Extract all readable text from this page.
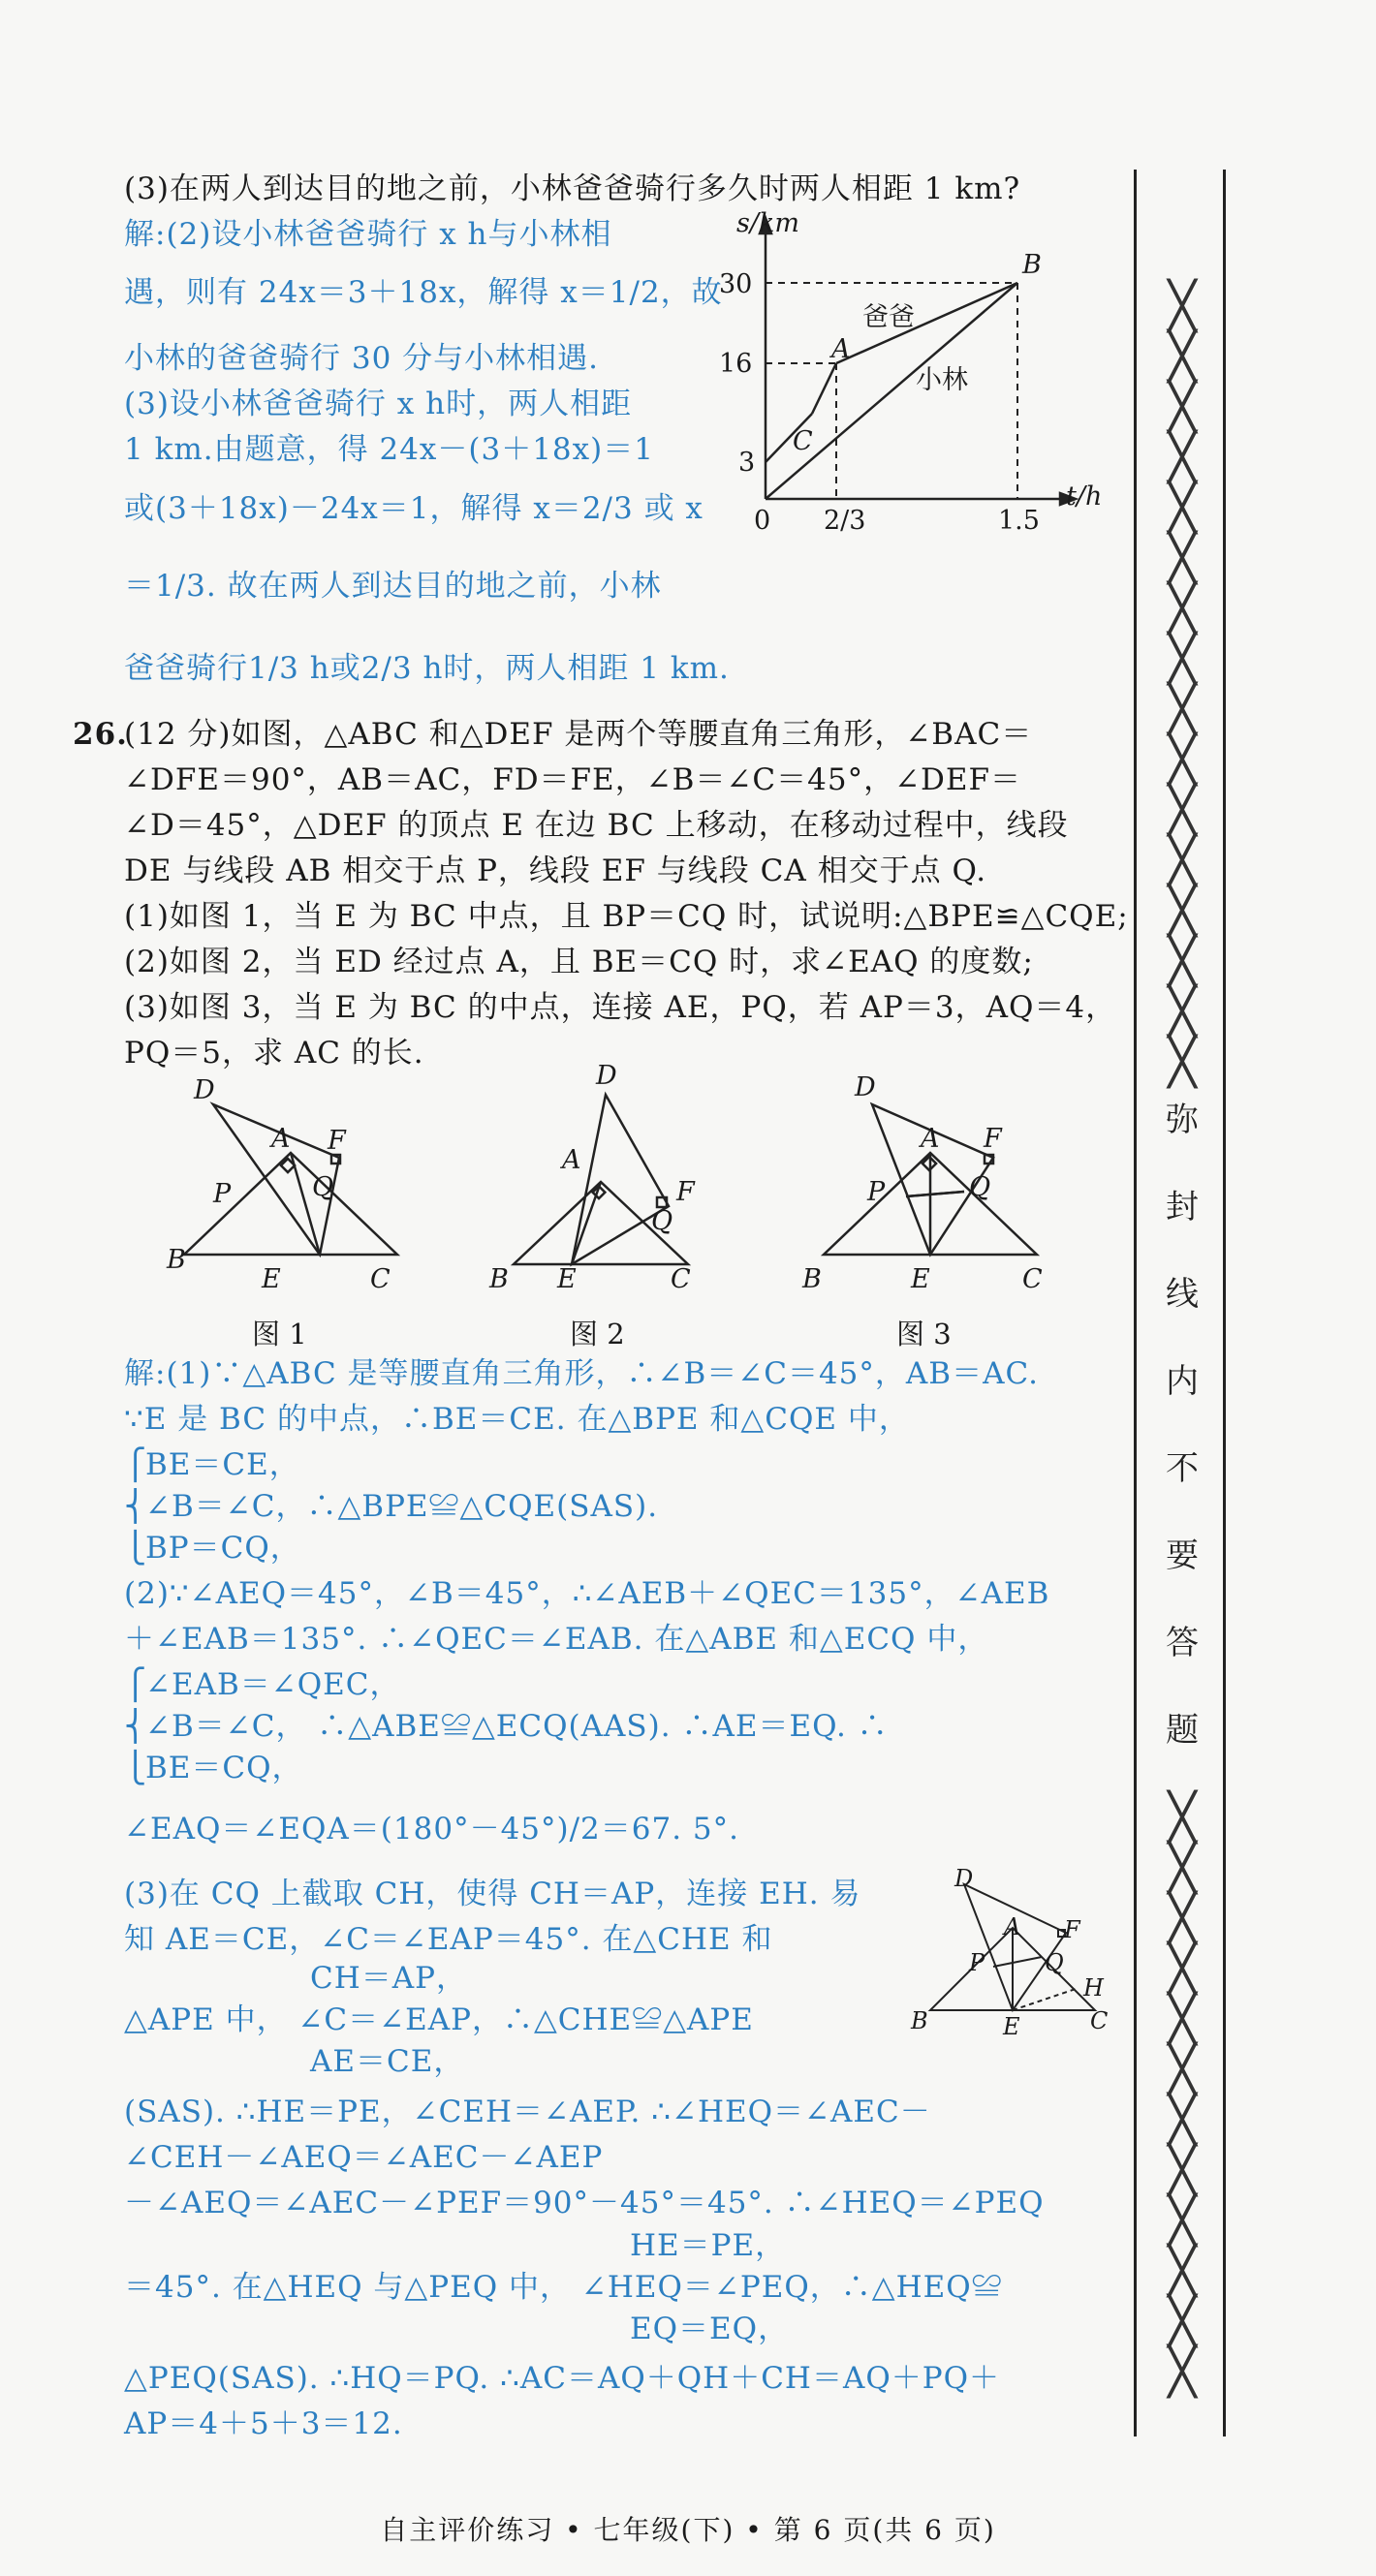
(3)在两人到达目的地之前，小林爸爸骑行多久时两人相距 1 km?
解:(2)设小林爸爸骑行 x h与小林相
遇，则有 24x＝3＋18x，解得 x＝1/2，故
小林的爸爸骑行 30 分与小林相遇.
(3)设小林爸爸骑行 x h时，两人相距
1 km.由题意，得 24x－(3＋18x)＝1
或(3＋18x)－24x＝1，解得 x＝2/3 或 x
＝1/3. 故在两人到达目的地之前，小林
爸爸骑行1/3 h或2/3 h时，两人相距 1 km.
s/km
30
16
3
0 2/3	1.5
t/h
A
B
C
爸爸
小林
26.
(12 分)如图，△ABC 和△DEF 是两个等腰直角三角形，∠BAC＝
∠DFE＝90°，AB＝AC，FD＝FE，∠B＝∠C＝45°，∠DEF＝
∠D＝45°，△DEF 的顶点 E 在边 BC 上移动，在移动过程中，线段
DE 与线段 AB 相交于点 P，线段 EF 与线段 CA 相交于点 Q.
(1)如图 1，当 E 为 BC 中点，且 BP＝CQ 时，试说明:△BPE≌△CQE;
(2)如图 2，当 ED 经过点 A，且 BE＝CQ 时，求∠EAQ 的度数;
(3)如图 3，当 E 为 BC 的中点，连接 AE，PQ，若 AP＝3，AQ＝4，
PQ＝5，求 AC 的长.
D
A F
P	Q
B
E	C
图 1
D
A
F
Q
B E	C
图 2
D
A F
P	Q
B	E	C
图 3
解:(1)∵△ABC 是等腰直角三角形，∴∠B＝∠C＝45°，AB＝AC.
∵E 是 BC 的中点，∴BE＝CE. 在△BPE 和△CQE 中，
⎧
BE＝CE，
⎨
∠B＝∠C，∴△BPE≌△CQE(SAS).
⎩
BP＝CQ，
(2)∵∠AEQ＝45°，∠B＝45°，∴∠AEB＋∠QEC＝135°，∠AEB
＋∠EAB＝135°. ∴∠QEC＝∠EAB. 在△ABE 和△ECQ 中，
⎧
∠EAB＝∠QEC，
⎨
∠B＝∠C， ∴△ABE≌△ECQ(AAS). ∴AE＝EQ. ∴
⎩
BE＝CQ，
∠EAQ＝∠EQA＝(180°－45°)/2＝67. 5°.
(3)在 CQ 上截取 CH，使得 CH＝AP，连接 EH. 易
知 AE＝CE，∠C＝∠EAP＝45°. 在△CHE 和
CH＝AP，
△APE 中， ∠C＝∠EAP，∴△CHE≌△APE
AE＝CE，
(SAS). ∴HE＝PE，∠CEH＝∠AEP. ∴∠HEQ＝∠AEC－
∠CEH－∠AEQ＝∠AEC－∠AEP
－∠AEQ＝∠AEC－∠PEF＝90°－45°＝45°. ∴∠HEQ＝∠PEQ
HE＝PE，
＝45°. 在△HEQ 与△PEQ 中， ∠HEQ＝∠PEQ，∴△HEQ≌
EQ＝EQ，
△PEQ(SAS). ∴HQ＝PQ. ∴AC＝AQ＋QH＋CH＝AQ＋PQ＋
AP＝4＋5＋3＝12.
D
A F
P	Q
H
B	E	C
╳
╳
╳
╳
╳
╳
╳
╳
╳
╳
╳
╳
╳
╳
╳
╳
弥
封
线
内
不
要
答
题
╳
╳
╳
╳
╳
╳
╳
╳
╳
╳
╳
╳
自主评价练习 • 七年级(下) • 第 6 页(共 6 页)
